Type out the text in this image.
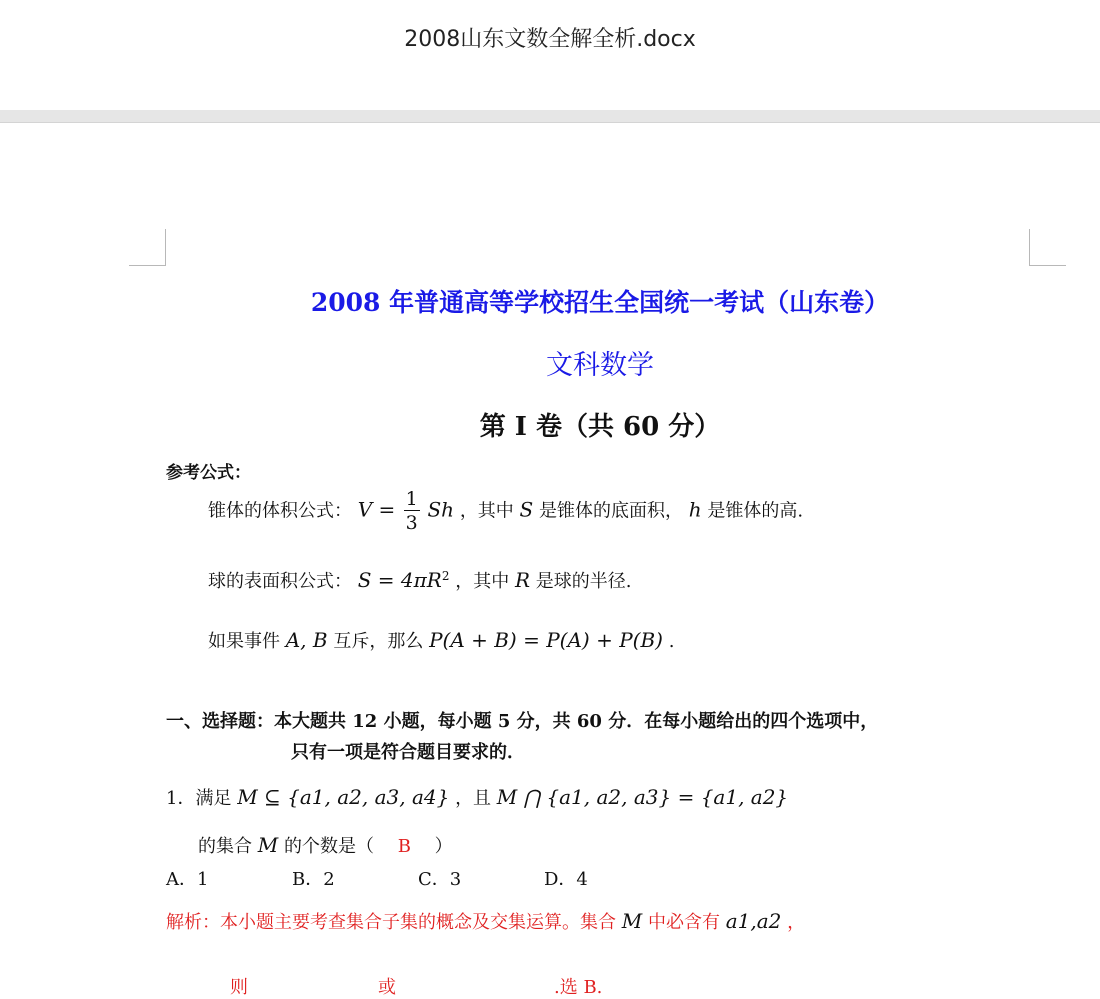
2008山东文数全解全析.docx
2008 年普通高等学校招生全国统一考试（山东卷）
文科数学
第 I 卷（共 60 分）
参考公式：
锥体的体积公式： $V = \frac{1}{3}$ Sh ，其中 S 是锥体的底面积， h 是锥体的高.
球的表面积公式： $S = 4\pi R^2$ ，其中 R 是球的半径.
如果事件 A, B 互斥，那么 P(A + B) = P(A) + P(B) .
一、选择题：本大题共 12 小题，每小题 5 分，共 60 分．在每小题给出的四个选项中，
只有一项是符合题目要求的．
1．满足 M ⊆ {a1, a2, a3, a4} ，且 M ⋂ {a1, a2, a3} = {a1, a2}
的集合 M 的个数是（ B ）
A．1	B．2	C．3	D．4
解析：本小题主要考查集合子集的概念及交集运算。集合 M 中必含有 a1,a2 ，
则	或	.选 B.
